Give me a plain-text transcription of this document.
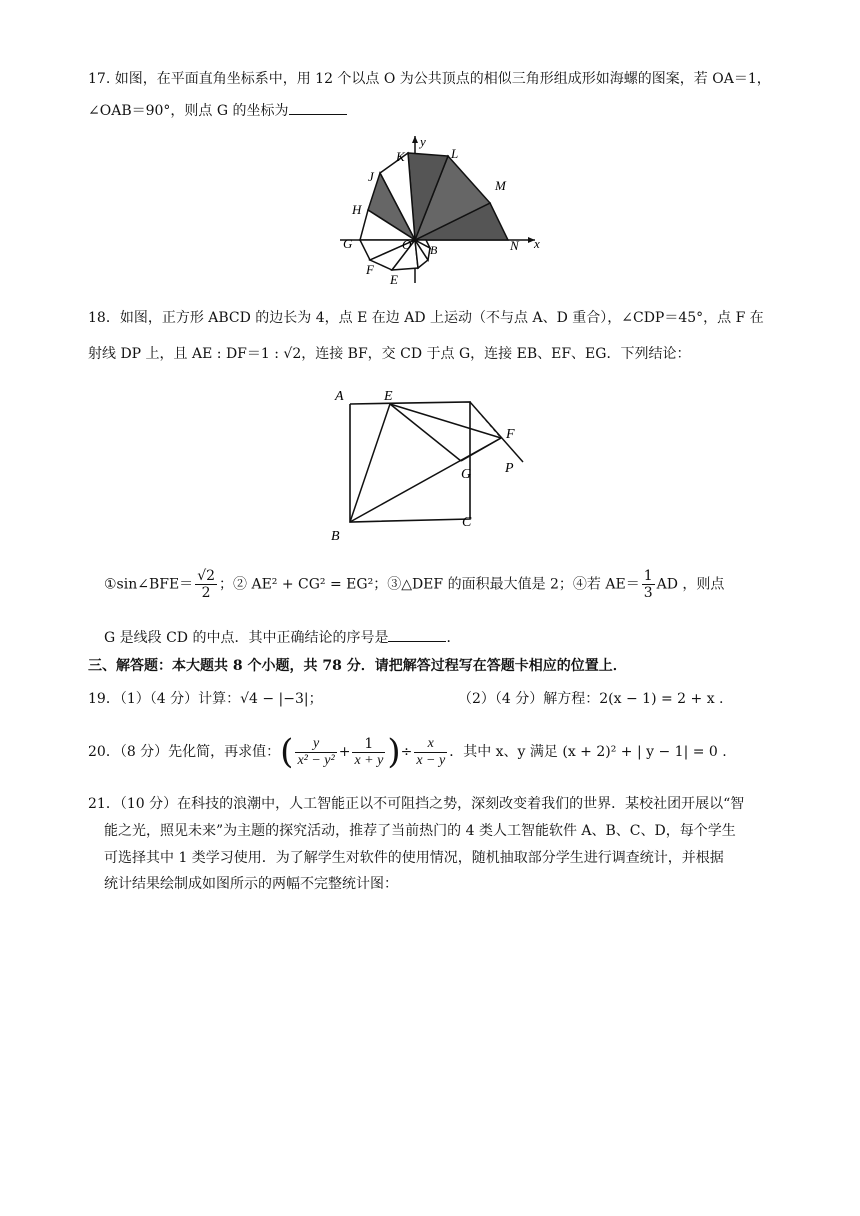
17. 如图，在平面直角坐标系中，用 12 个以点 O 为公共顶点的相似三角形组成形如海螺的图案，若 OA＝1，
∠OAB＝90°，则点 G 的坐标为
K
y
L
J
M
H
G	O B	N x
F
E
18．如图，正方形 ABCD 的边长为 4，点 E 在边 AD 上运动（不与点 A、D 重合），∠CDP＝45°，点 F 在
射线 DP 上，且 AE : DF＝1 : √2，连接 BF，交 CD 于点 G，连接 EB、EF、EG．下列结论：
A	E
F
P
G
B
C
①sin∠BFE＝ $\frac{√2}{2}$ ；② AE² + CG² = EG²；③△DEF 的面积最大值是 2；④若 $AE= \frac{1}{3}$ AD ，则点
G 是线段 CD 的中点．其中正确结论的序号是	．
三、解答题：本大题共 8 个小题，共 78 分．请把解答过程写在答题卡相应的位置上．
19．（1）（4 分）计算：√4 − |−3|；	（2）（4 分）解方程：2(x − 1) = 2 + x .
20．（8 分）先化简，再求值：( $\frac{y}{\text{x² − y²}} + \frac{1}{x + y}$ )÷ $\frac{x}{x - y}$ ．其中 x、y 满足 (x + 2)² + | y − 1| = 0 .
21．（10 分）在科技的浪潮中，人工智能正以不可阻挡之势，深刻改变着我们的世界．某校社团开展以“智
能之光，照见未来”为主题的探究活动，推荐了当前热门的 4 类人工智能软件 A、B、C、D，每个学生
可选择其中 1 类学习使用．为了解学生对软件的使用情况，随机抽取部分学生进行调查统计，并根据
统计结果绘制成如图所示的两幅不完整统计图：
